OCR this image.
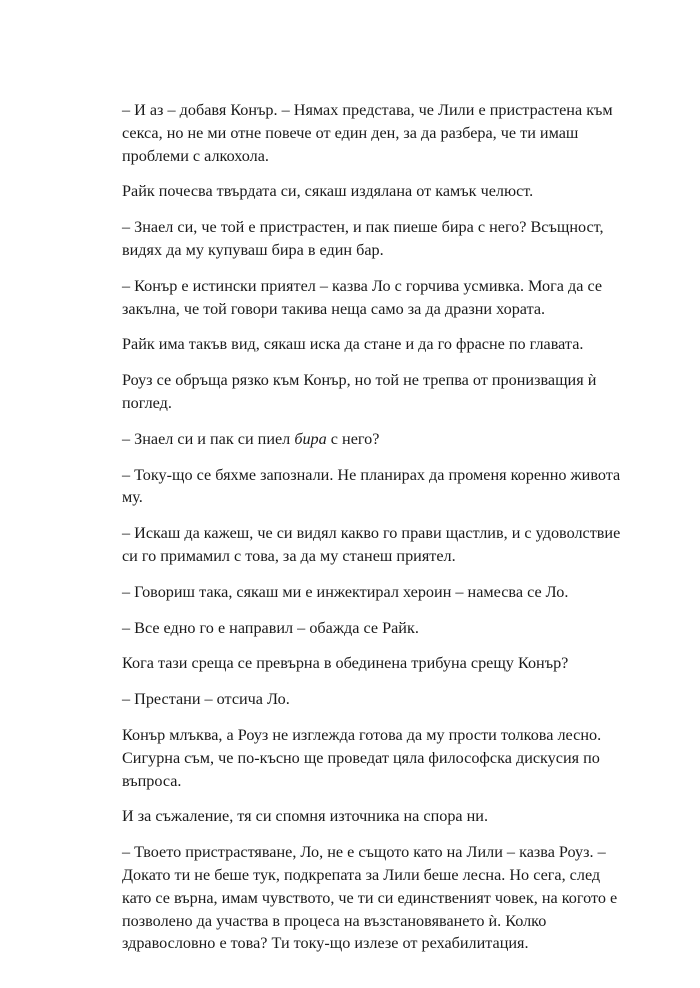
– И аз – добавя Конър. – Нямах представа, че Лили е пристрастена към
секса, но не ми отне повече от един ден, за да разбера, че ти имаш
проблеми с алкохола.

Райк почесва твърдата си, сякаш издялана от камък челюст.

– Знаел си, че той е пристрастен, и пак пиеше бира с него? Всъщност,
видях да му купуваш бира в един бар.

– Конър е истински приятел – казва Ло с горчива усмивка. Мога да се
закълна, че той говори такива неща само за да дразни хората.

Райк има такъв вид, сякаш иска да стане и да го фрасне по главата.

Роуз се обръща рязко към Конър, но той не трепва от пронизващия ѝ
поглед.

– Знаел си и пак си пиел бира с него?

– Току-що се бяхме запознали. Не планирах да променя коренно живота
му.

– Искаш да кажеш, че си видял какво го прави щастлив, и с удоволствие
си го примамил с това, за да му станеш приятел.

– Говориш така, сякаш ми е инжектирал хероин – намесва се Ло.

– Все едно го е направил – обажда се Райк.

Кога тази среща се превърна в обединена трибуна срещу Конър?

– Престани – отсича Ло.

Конър млъква, а Роуз не изглежда готова да му прости толкова лесно.
Сигурна съм, че по-късно ще проведат цяла философска дискусия по
въпроса.

И за съжаление, тя си спомня източника на спора ни.

– Твоето пристрастяване, Ло, не е същото като на Лили – казва Роуз. –
Докато ти не беше тук, подкрепата за Лили беше лесна. Но сега, след
като се върна, имам чувството, че ти си единственият човек, на когото е
позволено да участва в процеса на възстановяването ѝ. Колко
здравословно е това? Ти току-що излезе от рехабилитация.
